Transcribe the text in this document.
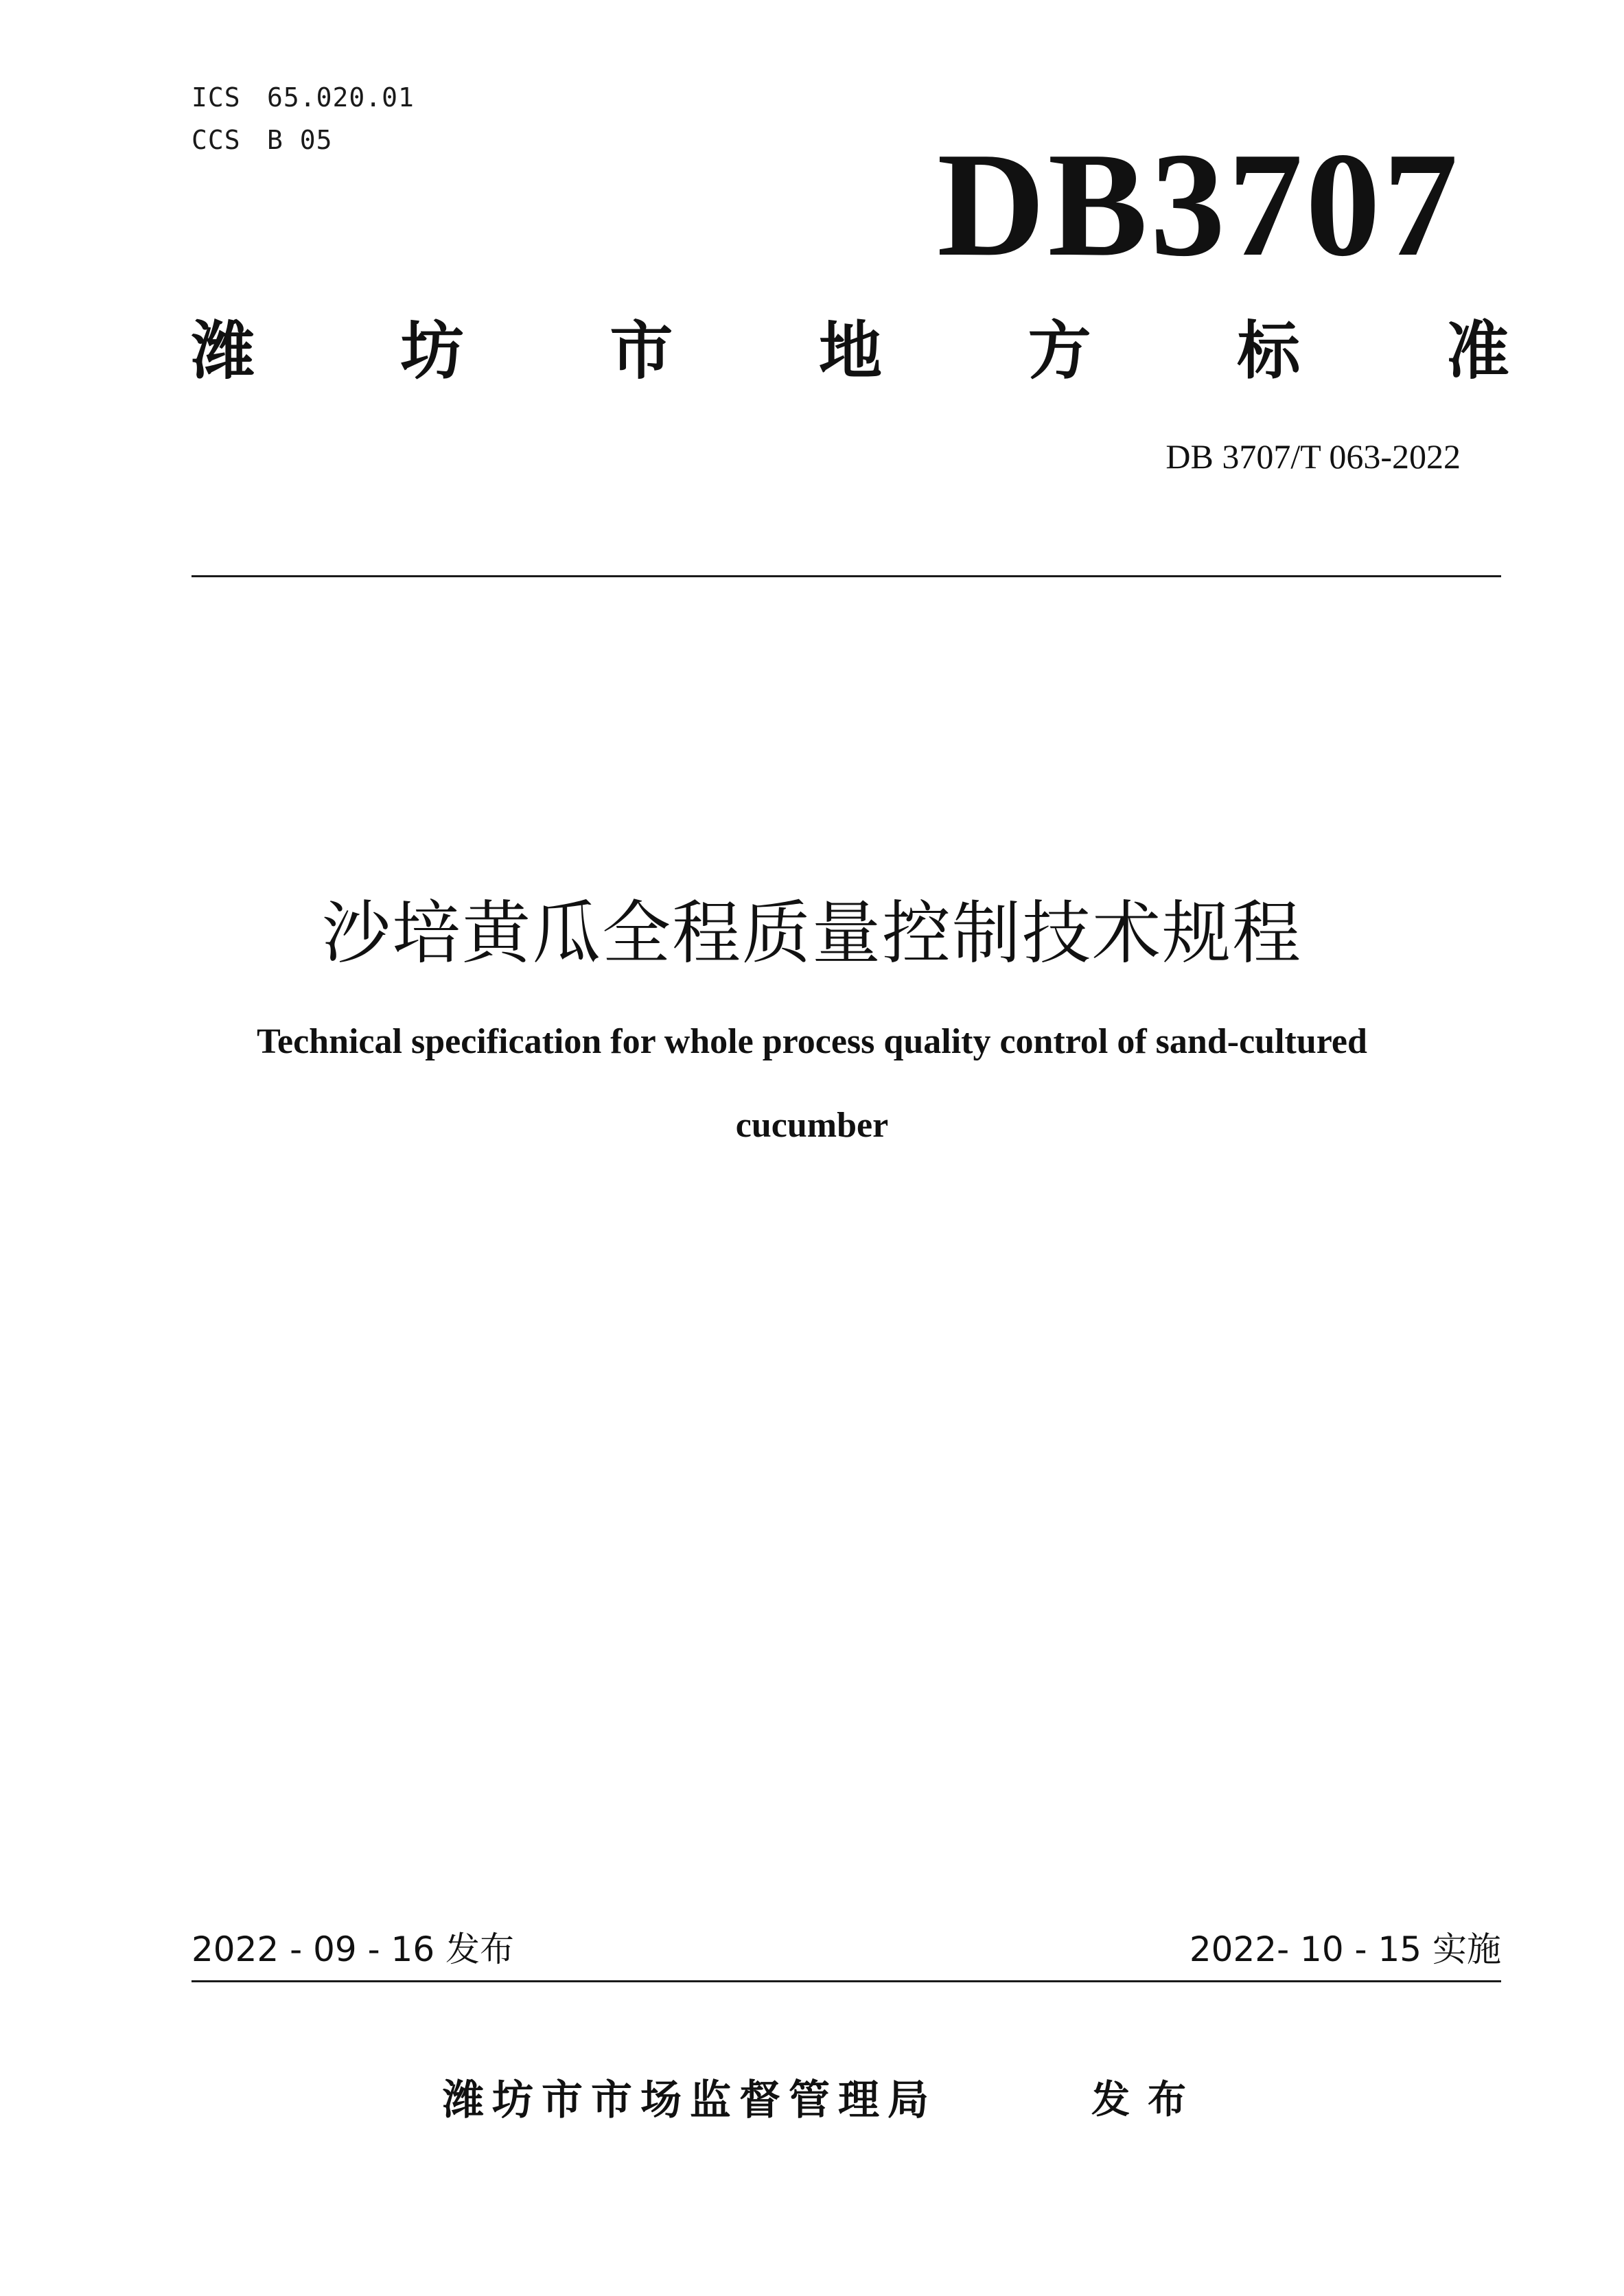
ICS 65.020.01
CCS B 05	DB3707
潍 坊 市 地 方 标 准
DB 3707/T 063-2022
沙培黄瓜全程质量控制技术规程
Technical specification for whole process quality control of sand-cultured
cucumber
2022 - 09 - 16 发布	2022- 10 - 15 实施
潍坊市市场监督管理局	发布
